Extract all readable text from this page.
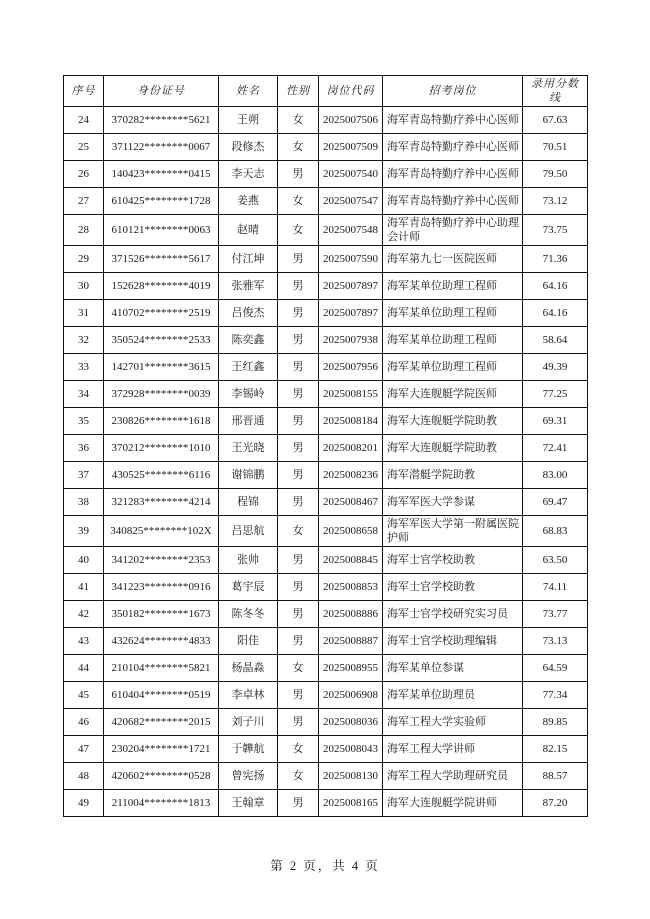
序号	身份证号	姓名	性别	岗位代码	招考岗位	录用分数线
24	370282********5621	王朔	女	2025007506	海军青岛特勤疗养中心医师	67.63
25	371122********0067	段修杰	女	2025007509	海军青岛特勤疗养中心医师	70.51
26	140423********0415	李天志	男	2025007540	海军青岛特勤疗养中心医师	79.50
27	610425********1728	姜燕	女	2025007547	海军青岛特勤疗养中心医师	73.12
28	610121********0063	赵晴	女	2025007548	海军青岛特勤疗养中心助理会计师	73.75
29	371526********5617	付江坤	男	2025007590	海军第九七一医院医师	71.36
30	152628********4019	张雅军	男	2025007897	海军某单位助理工程师	64.16
31	410702********2519	吕俊杰	男	2025007897	海军某单位助理工程师	64.16
32	350524********2533	陈奕鑫	男	2025007938	海军某单位助理工程师	58.64
33	142701********3615	王红鑫	男	2025007956	海军某单位助理工程师	49.39
34	372928********0039	李锡岭	男	2025008155	海军大连舰艇学院医师	77.25
35	230826********1618	邢晋通	男	2025008184	海军大连舰艇学院助教	69.31
36	370212********1010	王光晓	男	2025008201	海军大连舰艇学院助教	72.41
37	430525********6116	谢锦鹏	男	2025008236	海军潜艇学院助教	83.00
38	321283********4214	程锦	男	2025008467	海军军医大学参谋	69.47
39	340825********102X	吕思航	女	2025008658	海军军医大学第一附属医院护师	68.83
40	341202********2353	张帅	男	2025008845	海军士官学校助教	63.50
41	341223********0916	葛宇辰	男	2025008853	海军士官学校助教	74.11
42	350182********1673	陈冬冬	男	2025008886	海军士官学校研究实习员	73.77
43	432624********4833	阳佳	男	2025008887	海军士官学校助理编辑	73.13
44	210104********5821	杨晶淼	女	2025008955	海军某单位参谋	64.59
45	610404********0519	李卓林	男	2025006908	海军某单位助理员	77.34
46	420682********2015	刘子川	男	2025008036	海军工程大学实验师	89.85
47	230204********1721	于韡航	女	2025008043	海军工程大学讲师	82.15
48	420602********0528	曾宪扬	女	2025008130	海军工程大学助理研究员	88.57
49	211004********1813	王翰章	男	2025008165	海军大连舰艇学院讲师	87.20
第 2 页，共 4 页
